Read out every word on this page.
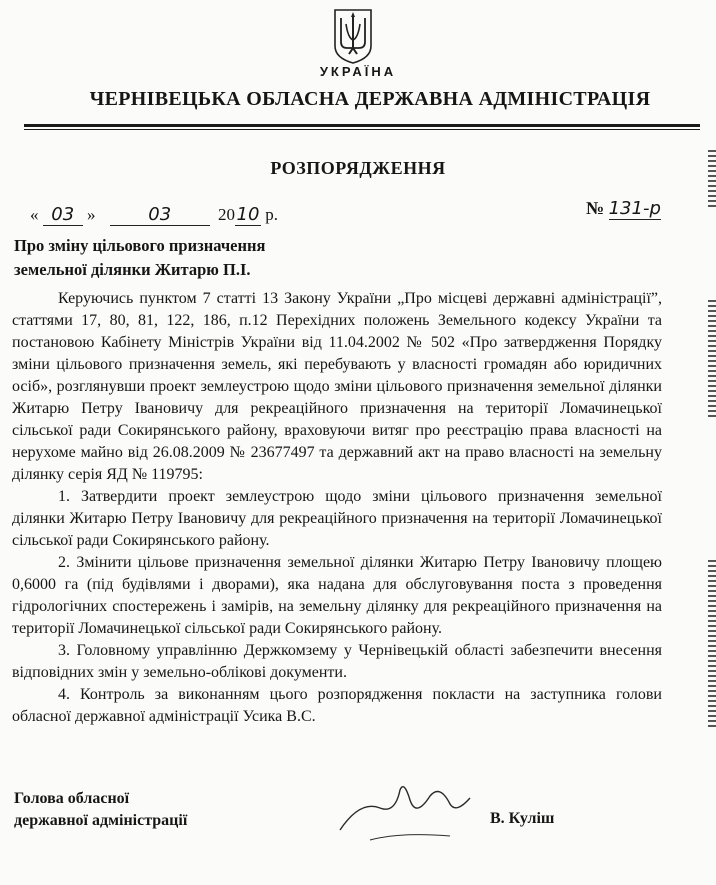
УКРАЇНА
ЧЕРНІВЕЦЬКА ОБЛАСНА ДЕРЖАВНА АДМІНІСТРАЦІЯ
РОЗПОРЯДЖЕННЯ
« 03 »	03	2010 р.	№ 131-р
Про зміну цільового призначення
земельної ділянки Житарю П.І.

Керуючись пунктом 7 статті 13 Закону України „Про місцеві державні адміністрації”, статтями 17, 80, 81, 122, 186, п.12 Перехідних положень Земельного кодексу України та постановою Кабінету Міністрів України від 11.04.2002 № 502 «Про затвердження Порядку зміни цільового призначення земель, які перебувають у власності громадян або юридичних осіб», розглянувши проект землеустрою щодо зміни цільового призначення земельної ділянки Житарю Петру Івановичу для рекреаційного призначення на території Ломачинецької сільської ради Сокирянського району, враховуючи витяг про реєстрацію права власності на нерухоме майно від 26.08.2009 № 23677497 та державний акт на право власності на земельну ділянку серія ЯД № 119795:

1. Затвердити проект землеустрою щодо зміни цільового призначення земельної ділянки Житарю Петру Івановичу для рекреаційного призначення на території Ломачинецької сільської ради Сокирянського району.

2. Змінити цільове призначення земельної ділянки Житарю Петру Івановичу площею 0,6000 га (під будівлями і дворами), яка надана для обслуговування поста з проведення гідрологічних спостережень і замірів, на земельну ділянку для рекреаційного призначення на території Ломачинецької сільської ради Сокирянського району.

3. Головному управлінню Держкомзему у Чернівецькій області забезпечити внесення відповідних змін у земельно-облікові документи.

4. Контроль за виконанням цього розпорядження покласти на заступника голови обласної державної адміністрації Усика В.С.

Голова обласної
державної адміністрації	В. Куліш
